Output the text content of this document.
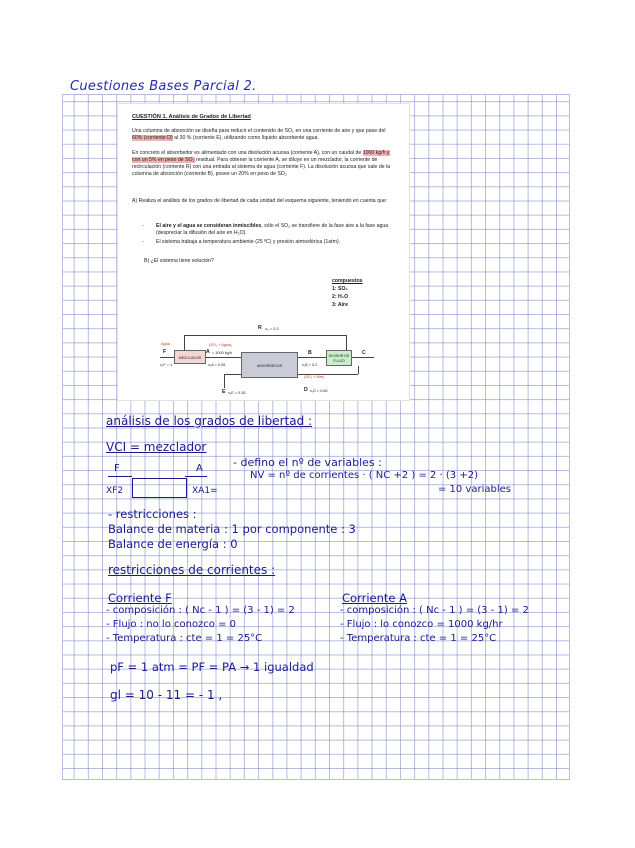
Cuestiones Bases Parcial 2.
CUESTIÓN 1. Análisis de Grados de Libertad
Una columna de absorción se diseña para reducir el contenido de SO₂ en una corriente de aire y que pase del 60% (corriente D) al 30 % (corriente E), utilizando como líquido absorbente agua.
En concreto el absorbedor es alimentado con una disolución acuosa (corriente A), con un caudal de 1000 kg/h y con un 5% en peso de SO₂ residual. Para obtener la corriente A, se diluye en un mezclador, la corriente de recirculación (corriente R) con una entrada al sistema de agua (corriente F). La disolución acuosa que sale de la columna de absorción (corriente B), posee un 20% en peso de SO₂
A) Realiza el análisis de los grados de libertad de cada unidad del esquema siguiente, teniendo en cuenta que:
- El aire y el agua se consideran inmiscibles, sólo el SO₂ se transfiere de la fase aire a la fase agua (despreciar la difusión del aire en H₂O).
- El sistema trabaja a temperatura ambiente (25 ºC) y presión atmosférica (1atm).
B) ¿El sistema tiene solución?
compuestos
1: SO₂
2: H₂O
3: Aire
R x₁ᵣ = 0.2
Agua
F
x₂F = 1
MEZCLADOR
(SO₂ + Agua)
A = 1000 kg/h
x₁A = 0.05	ABSORBEDOR
B
x₁B = 0.2
DIVISOR DE FLUJO
C
(SO₂ + Aire)
D x₁D = 0.60
E x₁E = 0.30
análisis de los grados de libertad :
VCI = mezclador
F	A
XF2	XA1=
- defino el nº de variables :
NV = nº de corrientes · ( NC +2 ) = 2 · (3 +2)
= 10 variables
- restricciones :
Balance de materia : 1 por componente : 3
Balance de energía : 0
restricciones de corrientes :
Corriente F
- composición : ( Nc - 1 ) = (3 - 1) = 2
- Flujo : no lo conozco = 0
- Temperatura : cte = 1 = 25°C
Corriente A
- composición : ( Nc - 1 ) = (3 - 1) = 2
- Flujo : lo conozco = 1000 kg/hr
- Temperatura : cte = 1 = 25°C
pF = 1 atm = PF = PA → 1 igualdad
gl = 10 - 11 = - 1 ,
